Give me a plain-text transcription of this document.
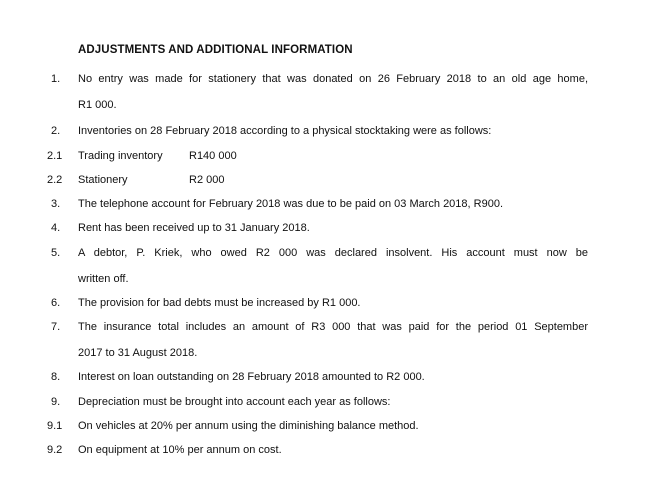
ADJUSTMENTS AND ADDITIONAL INFORMATION
1.	No entry was made for stationery that was donated on 26 February 2018 to an old age home,
R1 000.
2.	Inventories on 28 February 2018 according to a physical stocktaking were as follows:
2.1	Trading inventory R140 000
2.2	Stationery	R2 000
3.	The telephone account for February 2018 was due to be paid on 03 March 2018, R900.
4.	Rent has been received up to 31 January 2018.
5.	A debtor, P. Kriek, who owed R2 000 was declared insolvent. His account must now be
written off.
6.	The provision for bad debts must be increased by R1 000.
7.	The insurance total includes an amount of R3 000 that was paid for the period 01 September
2017 to 31 August 2018.
8.	Interest on loan outstanding on 28 February 2018 amounted to R2 000.
9.	Depreciation must be brought into account each year as follows:
9.1	On vehicles at 20% per annum using the diminishing balance method.
9.2	On equipment at 10% per annum on cost.
